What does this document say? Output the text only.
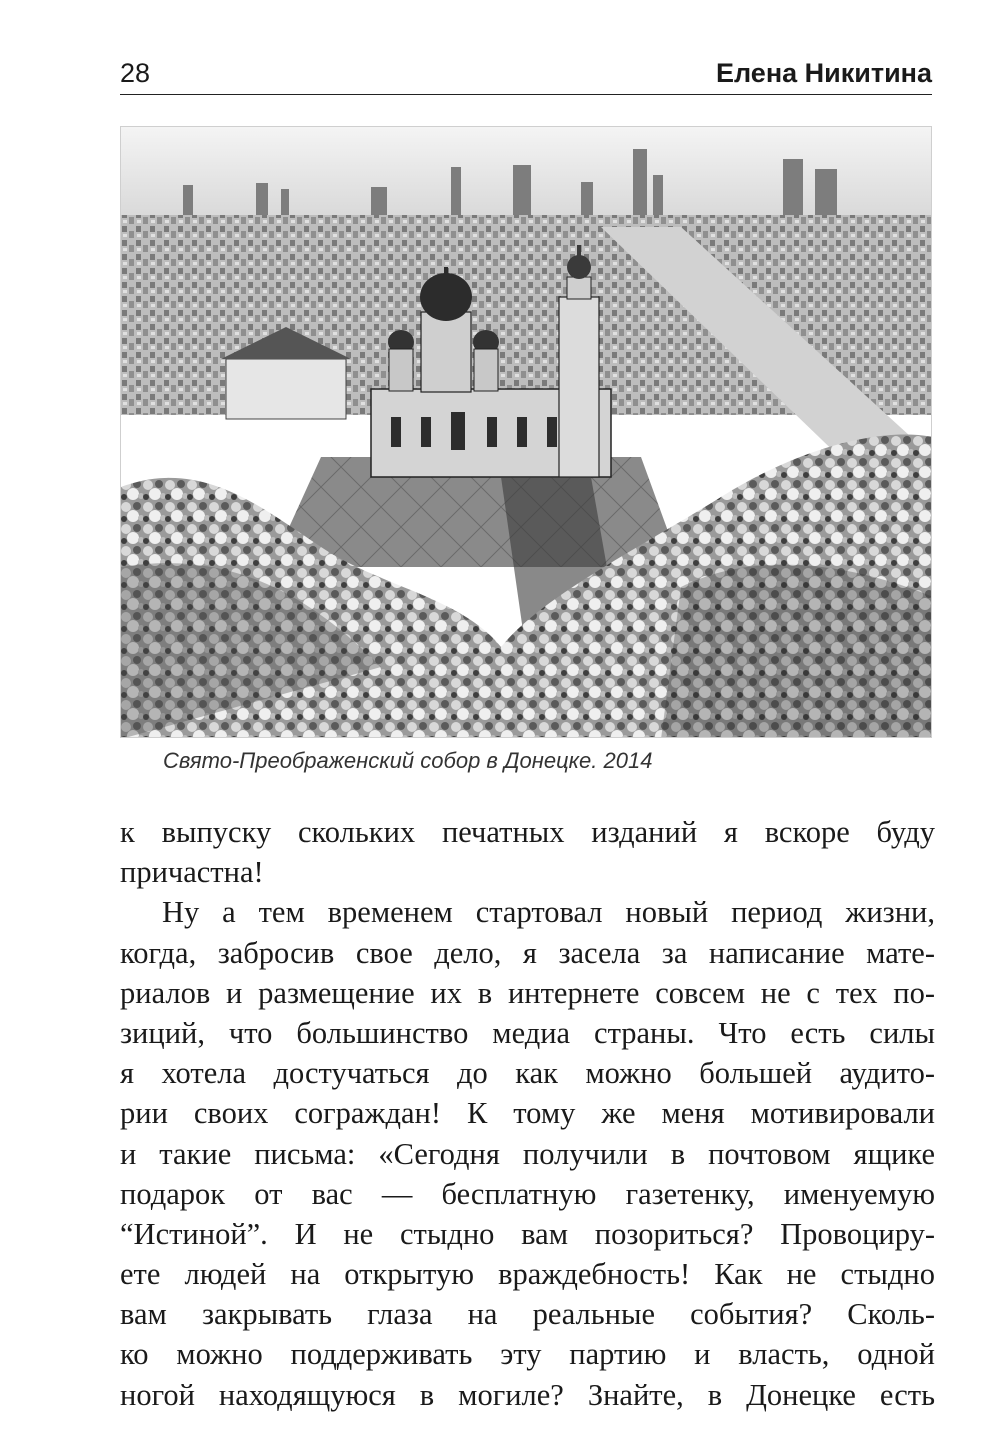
28	Елена Никитина
Свято-Преображенский собор в Донецке. 2014
к выпуску скольких печатных изданий я вскоре буду
причастна!
Ну а тем временем стартовал новый период жизни,
когда, забросив свое дело, я засела за написание мате-
риалов и размещение их в интернете совсем не с тех по-
зиций, что большинство медиа страны. Что есть силы
я хотела достучаться до как можно большей аудито-
рии своих сограждан! К тому же меня мотивировали
и такие письма: «Сегодня получили в почтовом ящике
подарок от вас — бесплатную газетенку, именуемую
“Истиной”. И не стыдно вам позориться? Провоциру-
ете людей на открытую враждебность! Как не стыдно
вам закрывать глаза на реальные события? Сколь-
ко можно поддерживать эту партию и власть, одной
ногой находящуюся в могиле? Знайте, в Донецке есть
